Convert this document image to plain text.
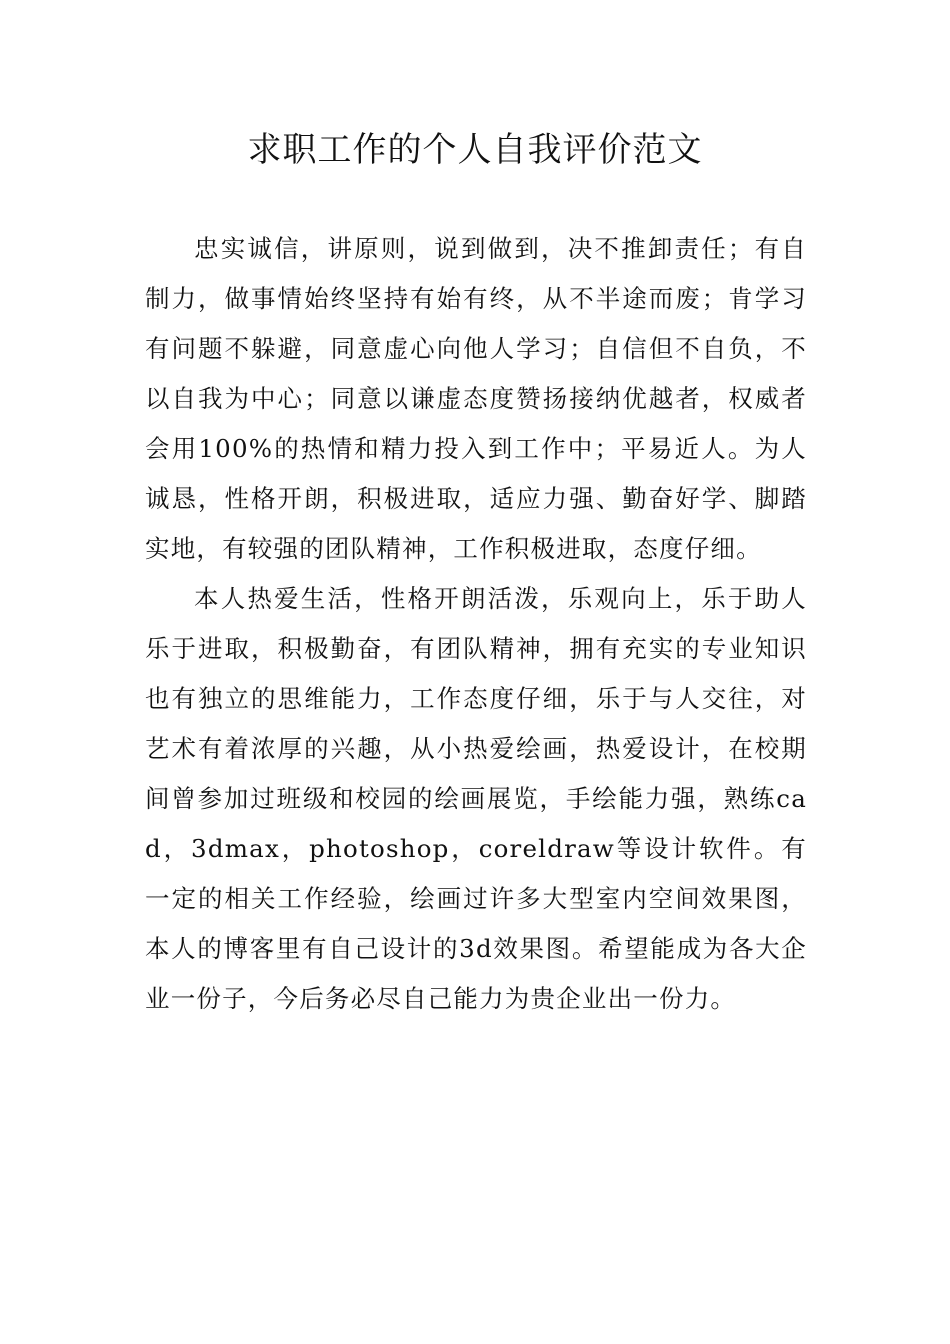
求职工作的个人自我评价范文

忠实诚信，讲原则，说到做到，决不推卸责任；有自制力，做事情始终坚持有始有终，从不半途而废；肯学习有问题不躲避，同意虚心向他人学习；自信但不自负，不以自我为中心；同意以谦虚态度赞扬接纳优越者，权威者会用100%的热情和精力投入到工作中；平易近人。为人诚恳，性格开朗，积极进取，适应力强、勤奋好学、脚踏实地，有较强的团队精神，工作积极进取，态度仔细。

本人热爱生活，性格开朗活泼，乐观向上，乐于助人乐于进取，积极勤奋，有团队精神，拥有充实的专业知识也有独立的思维能力，工作态度仔细，乐于与人交往，对艺术有着浓厚的兴趣，从小热爱绘画，热爱设计，在校期间曾参加过班级和校园的绘画展览，手绘能力强，熟练cad，3dmax，photoshop，coreldraw等设计软件。有一定的相关工作经验，绘画过许多大型室内空间效果图，本人的博客里有自己设计的3d效果图。希望能成为各大企业一份子，今后务必尽自己能力为贵企业出一份力。
